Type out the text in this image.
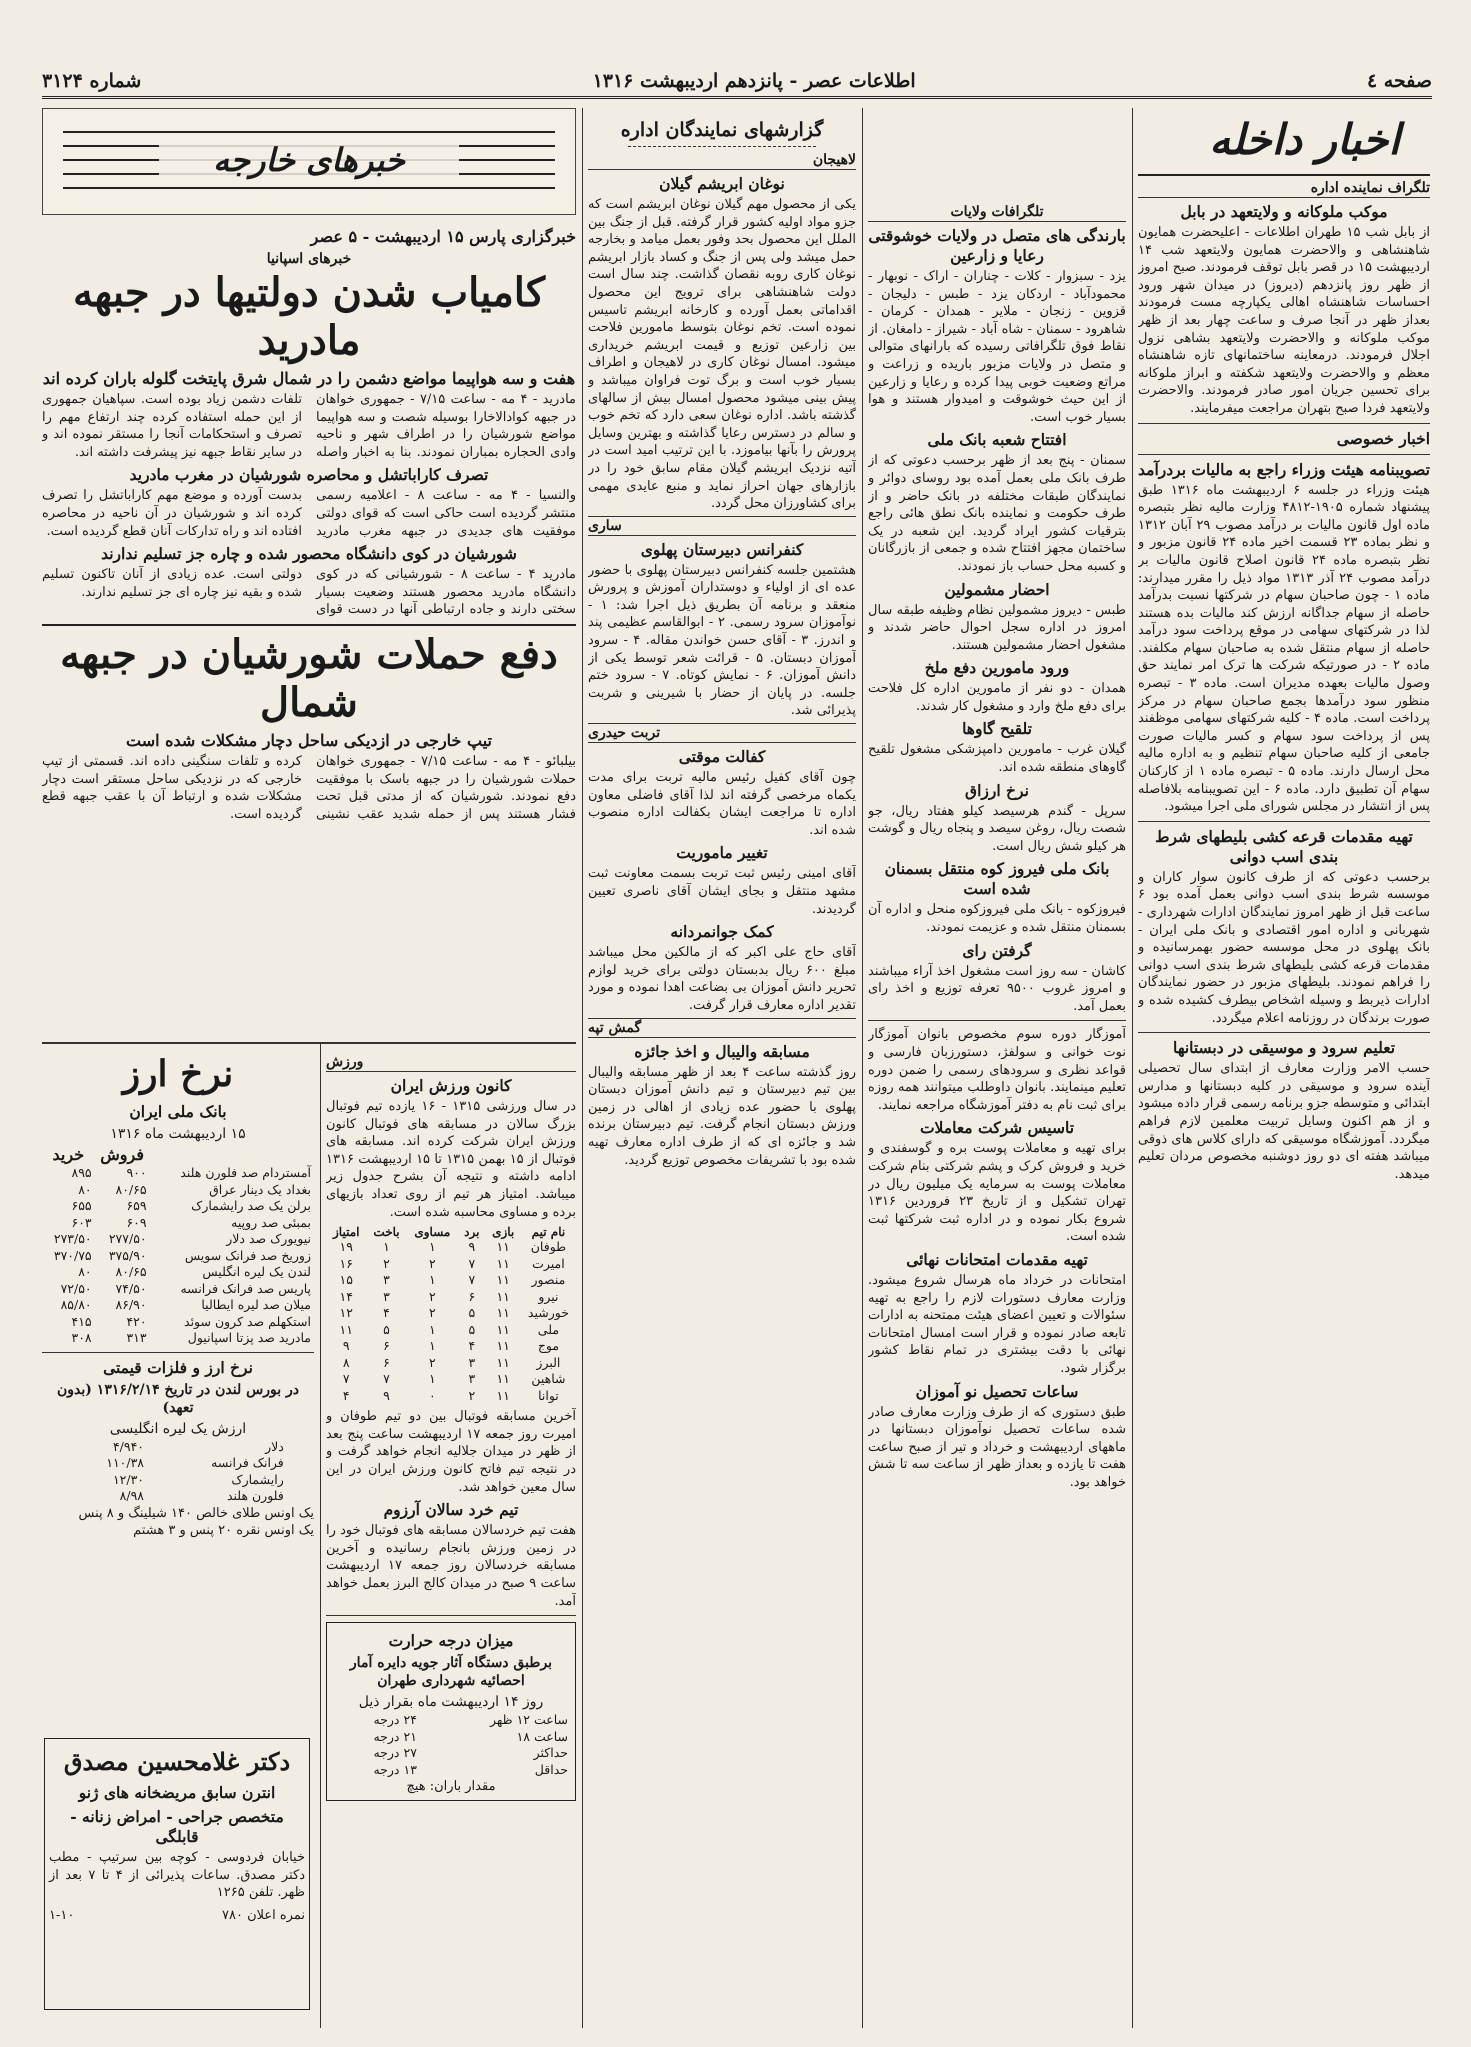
صفحه ٤
اطلاعات عصر - پانزدهم اردیبهشت ۱۳۱۶
شماره ۳۱۲۴
اخبار داخله
تلگراف نماینده اداره
موکب ملوکانه و ولایتعهد در بابل

از بابل شب ۱۵ طهران اطلاعات - اعلیحضرت همایون شاهنشاهی و والاحضرت همایون ولایتعهد شب ۱۴ اردیبهشت ۱۵ در قصر بابل توقف فرمودند. صبح امروز از ظهر روز پانزدهم (دیروز) در میدان شهر ورود احساسات شاهنشاه اهالی یکپارچه مست فرمودند بعداز ظهر در آنجا صرف و ساعت چهار بعد از ظهر موکب ملوکانه و والاحضرت ولایتعهد بشاهی نزول اجلال فرمودند. درمعاینه ساختمانهای تازه شاهنشاه معظم و والاحضرت ولایتعهد شکفته و ابراز ملوکانه برای تحسین جریان امور صادر فرمودند. والاحضرت ولایتعهد فردا صبح بتهران مراجعت میفرمایند.

اخبار خصوصی
تصویبنامه هیئت وزراء راجع به مالیات بردرآمد

هیئت وزراء در جلسه ۶ اردیبهشت ماه ۱۳۱۶ طبق پیشنهاد شماره ۱۹۰۵-۴۸۱۲ وزارت مالیه نظر بتبصره ماده اول قانون مالیات بر درآمد مصوب ۲۹ آبان ۱۳۱۲ و نظر بماده ۲۳ قسمت اخیر ماده ۲۴ قانون مزبور و نظر بتبصره ماده ۲۴ قانون اصلاح قانون مالیات بر درآمد مصوب ۲۴ آذر ۱۳۱۳ مواد ذیل را مقرر میدارند: ماده ۱ - چون صاحبان سهام در شرکتها نسبت بدرآمد حاصله از سهام جداگانه ارزش کند مالیات بده هستند لذا در شرکتهای سهامی در موقع پرداخت سود درآمد حاصله از سهام منتقل شده به صاحبان سهام مکلفند. ماده ۲ - در صورتیکه شرکت ها ترک امر نمایند حق وصول مالیات بعهده مدیران است. ماده ۳ - تبصره منظور سود درآمدها بجمع صاحبان سهام در مرکز پرداخت است. ماده ۴ - کلیه شرکتهای سهامی موظفند پس از پرداخت سود سهام و کسر مالیات صورت جامعی از کلیه صاحبان سهام تنظیم و به اداره مالیه محل ارسال دارند. ماده ۵ - تبصره ماده ۱ از کارکنان سهام آن تطبیق دارد. ماده ۶ - این تصویبنامه بلافاصله پس از انتشار در مجلس شورای ملی اجرا میشود.

تهیه مقدمات قرعه کشی بلیطهای شرط بندی اسب دوانی

برحسب دعوتی که از طرف کانون سوار کاران و موسسه شرط بندی اسب دوانی بعمل آمده بود ۶ ساعت قبل از ظهر امروز نمایندگان ادارات شهرداری - شهربانی و اداره امور اقتصادی و بانک ملی ایران - بانک پهلوی در محل موسسه حضور بهمرسانیده و مقدمات قرعه کشی بلیطهای شرط بندی اسب دوانی را فراهم نمودند. بلیطهای مزبور در حضور نمایندگان ادارات ذیربط و وسیله اشخاص بیطرف کشیده شده و صورت برندگان در روزنامه اعلام میگردد.

تعلیم سرود و موسیقی در دبستانها

حسب الامر وزارت معارف از ابتدای سال تحصیلی آینده سرود و موسیقی در کلیه دبستانها و مدارس ابتدائی و متوسطه جزو برنامه رسمی قرار داده میشود و از هم اکنون وسایل تربیت معلمین لازم فراهم میگردد. آموزشگاه موسیقی که دارای کلاس های ذوقی میباشد هفته ای دو روز دوشنبه مخصوص مردان تعلیم میدهد.

تلگرافات ولایات
بارندگی های متصل در ولایات خوشوقتی رعایا و زارعین

یزد - سبزوار - کلات - چناران - اراک - نوبهار - محمودآباد - اردکان یزد - طبس - دلیجان - قزوین - زنجان - ملایر - همدان - کرمان - شاهرود - سمنان - شاه آباد - شیراز - دامغان. از نقاط فوق تلگرافاتی رسیده که بارانهای متوالی و متصل در ولایات مزبور باریده و زراعت و مراتع وضعیت خوبی پیدا کرده و رعایا و زارعین از این حیث خوشوقت و امیدوار هستند و هوا بسیار خوب است.

افتتاح شعبه بانک ملی

سمنان - پنج بعد از ظهر برحسب دعوتی که از طرف بانک ملی بعمل آمده بود روسای دوائر و نمایندگان طبقات مختلفه در بانک حاضر و از طرف حکومت و نماینده بانک نطق هائی راجع بترقیات کشور ایراد گردید. این شعبه در یک ساختمان مجهز افتتاح شده و جمعی از بازرگانان و کسبه محل حساب باز نمودند.

احضار مشمولین

طبس - دیروز مشمولین نظام وظیفه طبقه سال امروز در اداره سجل احوال حاضر شدند و مشغول احضار مشمولین هستند.

ورود مامورین دفع ملخ

همدان - دو نفر از مامورین اداره کل فلاحت برای دفع ملخ وارد و مشغول کار شدند.

تلقیح گاوها

گیلان غرب - مامورین دامپزشکی مشغول تلقیح گاوهای منطقه شده اند.

نرخ ارزاق

سرپل - گندم هرسیصد کیلو هفتاد ریال، جو شصت ریال، روغن سیصد و پنجاه ریال و گوشت هر کیلو شش ریال است.

بانک ملی فیروز کوه منتقل بسمنان شده است

فیروزکوه - بانک ملی فیروزکوه منحل و اداره آن بسمنان منتقل شده و عزیمت نمودند.

گرفتن رای

کاشان - سه روز است مشغول اخذ آراء میباشند و امروز غروب ۹۵۰۰ تعرفه توزیع و اخذ رای بعمل آمد.

آموزگار دوره سوم مخصوص بانوان آموزگار نوت خوانی و سولفژ، دستورزبان فارسی و قواعد نظری و سرودهای رسمی را ضمن دوره تعلیم مینمایند. بانوان داوطلب میتوانند همه روزه برای ثبت نام به دفتر آموزشگاه مراجعه نمایند.

تاسیس شرکت معاملات

برای تهیه و معاملات پوست بره و گوسفندی و خرید و فروش کرک و پشم شرکتی بنام شرکت معاملات پوست به سرمایه یک میلیون ریال در تهران تشکیل و از تاریخ ۲۳ فروردین ۱۳۱۶ شروع بکار نموده و در اداره ثبت شرکتها ثبت شده است.

تهیه مقدمات امتحانات نهائی

امتحانات در خرداد ماه هرسال شروع میشود. وزارت معارف دستورات لازم را راجع به تهیه سئوالات و تعیین اعضای هیئت ممتحنه به ادارات تابعه صادر نموده و قرار است امسال امتحانات نهائی با دقت بیشتری در تمام نقاط کشور برگزار شود.

ساعات تحصیل نو آموزان

طبق دستوری که از طرف وزارت معارف صادر شده ساعات تحصیل نوآموزان دبستانها در ماههای اردیبهشت و خرداد و تیر از صبح ساعت هفت تا یازده و بعداز ظهر از ساعت سه تا شش خواهد بود.

گزارشهای نمایندگان اداره
لاهیجان
نوغان ابریشم گیلان

یکی از محصول مهم گیلان نوغان ابریشم است که جزو مواد اولیه کشور قرار گرفته. قبل از جنگ بین الملل این محصول بحد وفور بعمل میامد و بخارجه حمل میشد ولی پس از جنگ و کساد بازار ابریشم نوغان کاری روبه نقصان گذاشت. چند سال است دولت شاهنشاهی برای ترویج این محصول اقداماتی بعمل آورده و کارخانه ابریشم تاسیس نموده است. تخم نوغان بتوسط مامورین فلاحت بین زارعین توزیع و قیمت ابریشم خریداری میشود. امسال نوغان کاری در لاهیجان و اطراف بسیار خوب است و برگ توت فراوان میباشد و پیش بینی میشود محصول امسال بیش از سالهای گذشته باشد. اداره نوغان سعی دارد که تخم خوب و سالم در دسترس رعایا گذاشته و بهترین وسایل پرورش را بآنها بیاموزد. با این ترتیب امید است در آتیه نزدیک ابریشم گیلان مقام سابق خود را در بازارهای جهان احراز نماید و منبع عایدی مهمی برای کشاورزان محل گردد.

ساری
کنفرانس دبیرستان پهلوی

هشتمین جلسه کنفرانس دبیرستان پهلوی با حضور عده ای از اولیاء و دوستداران آموزش و پرورش منعقد و برنامه آن بطریق ذیل اجرا شد: ۱ - نوآموزان سرود رسمی. ۲ - ابوالقاسم عظیمی پند و اندرز. ۳ - آقای حسن خواندن مقاله. ۴ - سرود آموزان دبستان. ۵ - قرائت شعر توسط یکی از دانش آموزان. ۶ - نمایش کوتاه. ۷ - سرود ختم جلسه. در پایان از حضار با شیرینی و شربت پذیرائی شد.

تربت حیدری
کفالت موقتی

چون آقای کفیل رئیس مالیه تربت برای مدت یکماه مرخصی گرفته اند لذا آقای فاضلی معاون اداره تا مراجعت ایشان بکفالت اداره منصوب شده اند.

تغییر ماموریت

آقای امینی رئیس ثبت تربت بسمت معاونت ثبت مشهد منتقل و بجای ایشان آقای ناصری تعیین گردیدند.

کمک جوانمردانه

آقای حاج علی اکبر که از مالکین محل میباشد مبلغ ۶۰۰ ریال بدبستان دولتی برای خرید لوازم تحریر دانش آموزان بی بضاعت اهدا نموده و مورد تقدیر اداره معارف قرار گرفت.

گمش تپه
مسابقه والیبال و اخذ جائزه

روز گذشته ساعت ۴ بعد از ظهر مسابقه والیبال بین تیم دبیرستان و تیم دانش آموزان دبستان پهلوی با حضور عده زیادی از اهالی در زمین ورزش دبستان انجام گرفت. تیم دبیرستان برنده شد و جائزه ای که از طرف اداره معارف تهیه شده بود با تشریفات مخصوص توزیع گردید.

خبرهای خارجه
خبرگزاری پارس ۱۵ اردیبهشت - ۵ عصر
خبرهای اسپانیا
کامیاب شدن دولتیها در جبهه مادرید
هفت و سه هواپیما مواضع دشمن را در شمال شرق پایتخت گلوله باران کرده اند

مادرید - ۴ مه - ساعت ۷/۱۵ - جمهوری خواهان در جبهه کوادالاخارا بوسیله شصت و سه هواپیما مواضع شورشیان را در اطراف شهر و ناحیه وادی الحجاره بمباران نمودند. بنا به اخبار واصله تلفات دشمن زیاد بوده است. سپاهیان جمهوری از این حمله استفاده کرده چند ارتفاع مهم را تصرف و استحکامات آنجا را مستقر نموده اند و در سایر نقاط جبهه نیز پیشرفت داشته اند.

تصرف کاراباتشل و محاصره شورشیان در مغرب مادرید

والنسیا - ۴ مه - ساعت ۸ - اعلامیه رسمی منتشر گردیده است حاکی است که قوای دولتی موفقیت های جدیدی در جبهه مغرب مادرید بدست آورده و موضع مهم کاراباتشل را تصرف کرده اند و شورشیان در آن ناحیه در محاصره افتاده اند و راه تدارکات آنان قطع گردیده است.

شورشیان در کوی دانشگاه محصور شده و چاره جز تسلیم ندارند

مادرید ۴ - ساعت ۸ - شورشیانی که در کوی دانشگاه مادرید محصور هستند وضعیت بسیار سختی دارند و جاده ارتباطی آنها در دست قوای دولتی است. عده زیادی از آنان تاکنون تسلیم شده و بقیه نیز چاره ای جز تسلیم ندارند.

دفع حملات شورشیان در جبهه شمال
تیپ خارجی در ازدیکی ساحل دچار مشکلات شده است

بیلبائو - ۴ مه - ساعت ۷/۱۵ - جمهوری خواهان حملات شورشیان را در جبهه باسک با موفقیت دفع نمودند. شورشیان که از مدتی قبل تحت فشار هستند پس از حمله شدید عقب نشینی کرده و تلفات سنگینی داده اند. قسمتی از تیپ خارجی که در نزدیکی ساحل مستقر است دچار مشکلات شده و ارتباط آن با عقب جبهه قطع گردیده است.

ورزش
کانون ورزش ایران

در سال ورزشی ۱۳۱۵ - ۱۶ یازده تیم فوتبال بزرگ سالان در مسابقه های فوتبال کانون ورزش ایران شرکت کرده اند. مسابقه های فوتبال از ۱۵ بهمن ۱۳۱۵ تا ۱۵ اردیبهشت ۱۳۱۶ ادامه داشته و نتیجه آن بشرح جدول زیر میباشد. امتیاز هر تیم از روی تعداد بازیهای برده و مساوی محاسبه شده است.

نام تیم	بازی	برد	مساوی	باخت	امتیاز
طوفان	۱۱	۹	۱	۱	۱۹
امیرت	۱۱	۷	۲	۲	۱۶
منصور	۱۱	۷	۱	۳	۱۵
نیرو	۱۱	۶	۲	۳	۱۴
خورشید	۱۱	۵	۲	۴	۱۲
ملی	۱۱	۵	۱	۵	۱۱
موج	۱۱	۴	۱	۶	۹
البرز	۱۱	۳	۲	۶	۸
شاهین	۱۱	۳	۱	۷	۷
توانا	۱۱	۲	۰	۹	۴

آخرین مسابقه فوتبال بین دو تیم طوفان و امیرت روز جمعه ۱۷ اردیبهشت ساعت پنج بعد از ظهر در میدان جلالیه انجام خواهد گرفت و در نتیجه تیم فاتح کانون ورزش ایران در این سال معین خواهد شد.

تیم خرد سالان آرزوم

هفت تیم خردسالان مسابقه های فوتبال خود را در زمین ورزش بانجام رسانیده و آخرین مسابقه خردسالان روز جمعه ۱۷ اردیبهشت ساعت ۹ صبح در میدان کالج البرز بعمل خواهد آمد.

میزان درجه حرارت

برطبق دستگاه آثار جویه دایره آمار احصائیه شهرداری طهران

روز ۱۴ اردیبهشت ماه بقرار ذیل

ساعت ۱۲ ظهر	۲۴ درجه
ساعت ۱۸	۲۱ درجه
حداکثر	۲۷ درجه
حداقل	۱۳ درجه

مقدار باران: هیچ

نرخ ارز
بانک ملی ایران

۱۵ اردیبهشت ماه ۱۳۱۶

	فروش	خرید
آمستردام صد فلورن هلند	۹۰۰	۸۹۵
بغداد یک دینار عراق	۸۰/۶۵	۸۰
برلن یک صد رایشمارک	۶۵۹	۶۵۵
بمبئی صد روپیه	۶۰۹	۶۰۳
نیویورک صد دلار	۲۷۷/۵۰	۲۷۳/۵۰
زوریخ صد فرانک سویس	۳۷۵/۹۰	۳۷۰/۷۵
لندن یک لیره انگلیس	۸۰/۶۵	۸۰
پاریس صد فرانک فرانسه	۷۴/۵۰	۷۲/۵۰
میلان صد لیره ایطالیا	۸۶/۹۰	۸۵/۸۰
استکهلم صد کرون سوئد	۴۲۰	۴۱۵
مادرید صد پزتا اسپانیول	۳۱۳	۳۰۸
نرخ ارز و فلزات قیمتی

در بورس لندن در تاریخ ۱۳۱۶/۲/۱۴ (بدون تعهد)

ارزش یک لیره انگلیسی

دلار	۴/۹۴۰
فرانک فرانسه	۱۱۰/۳۸
رایشمارک	۱۲/۳۰
فلورن هلند	۸/۹۸

یک اونس طلای خالص ۱۴۰ شیلینگ و ۸ پنس

یک اونس نقره ۲۰ پنس و ۳ هشتم

دکتر غلامحسین مصدق
انترن سابق مریضخانه های ژنو
متخصص جراحی - امراض زنانه - قابلگی

خیابان فردوسی - کوچه بین سرتیپ - مطب دکتر مصدق. ساعات پذیرائی از ۴ تا ۷ بعد از ظهر. تلفن ۱۲۶۵

نمره اعلان ۷۸۰
۱-۱۰
